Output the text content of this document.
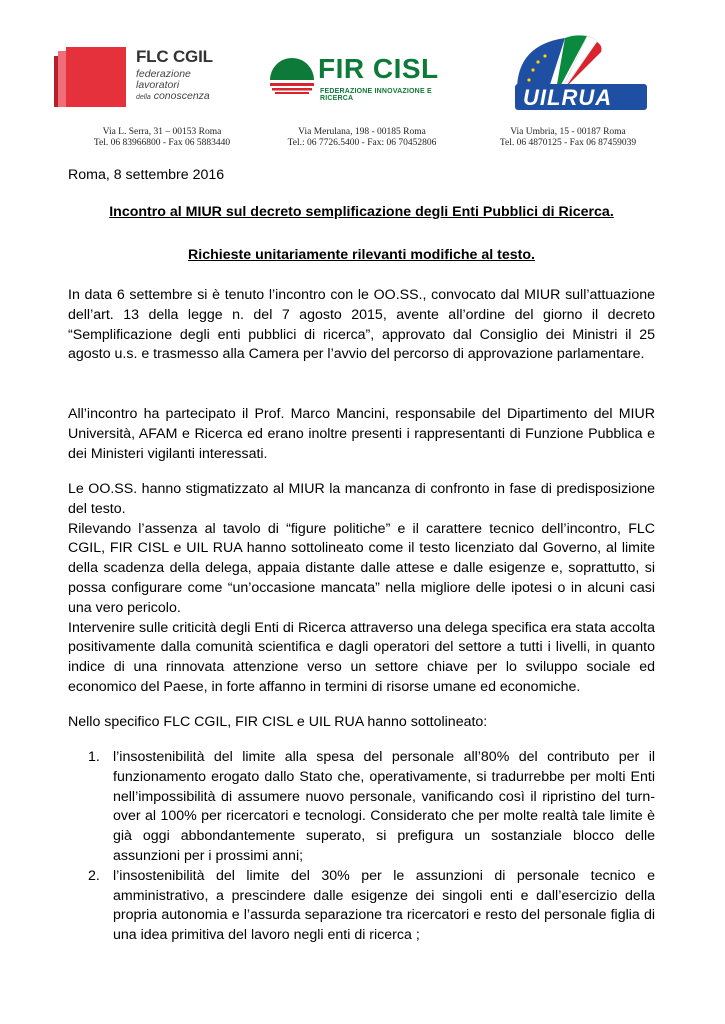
FLC CGIL
federazione
lavoratori
della conoscenza
FIR CISL
FEDERAZIONE INNOVAZIONE E RICERCA	UILRUA
Via L. Serra, 31 – 00153 Roma
Tel. 06 83966800 - Fax 06 5883440
Via Merulana, 198 - 00185 Roma
Tel.: 06 7726.5400 - Fax: 06 70452806
Via Umbria, 15 - 00187 Roma
Tel. 06 4870125 - Fax 06 87459039
Roma, 8 settembre 2016
Incontro al MIUR sul decreto semplificazione degli Enti Pubblici di Ricerca.
Richieste unitariamente rilevanti modifiche al testo.
In data 6 settembre si è tenuto l’incontro con le OO.SS., convocato dal MIUR sull’attuazione dell’art. 13 della legge n. del 7 agosto 2015, avente all’ordine del giorno il decreto “Semplificazione degli enti pubblici di ricerca”, approvato dal Consiglio dei Ministri il 25 agosto u.s. e trasmesso alla Camera per l’avvio del percorso di approvazione parlamentare.
All’incontro ha partecipato il Prof. Marco Mancini, responsabile del Dipartimento del MIUR Università, AFAM e Ricerca ed erano inoltre presenti i rappresentanti di Funzione Pubblica e dei Ministeri vigilanti interessati.
Le OO.SS. hanno stigmatizzato al MIUR la mancanza di confronto in fase di predisposizione del testo.
Rilevando l’assenza al tavolo di “figure politiche” e il carattere tecnico dell’incontro, FLC CGIL, FIR CISL e UIL RUA hanno sottolineato come il testo licenziato dal Governo, al limite della scadenza della delega, appaia distante dalle attese e dalle esigenze e, soprattutto, si possa configurare come “un’occasione mancata” nella migliore delle ipotesi o in alcuni casi una vero pericolo.
Intervenire sulle criticità degli Enti di Ricerca attraverso una delega specifica era stata accolta positivamente dalla comunità scientifica e dagli operatori del settore a tutti i livelli, in quanto indice di una rinnovata attenzione verso un settore chiave per lo sviluppo sociale ed economico del Paese, in forte affanno in termini di risorse umane ed economiche.
Nello specifico FLC CGIL, FIR CISL e UIL RUA hanno sottolineato:
1. l’insostenibilità del limite alla spesa del personale all’80% del contributo per il funzionamento erogato dallo Stato che, operativamente, si tradurrebbe per molti Enti nell’impossibilità di assumere nuovo personale, vanificando così il ripristino del turn-over al 100% per ricercatori e tecnologi. Considerato che per molte realtà tale limite è già oggi abbondantemente superato, si prefigura un sostanziale blocco delle assunzioni per i prossimi anni;
2. l’insostenibilità del limite del 30% per le assunzioni di personale tecnico e amministrativo, a prescindere dalle esigenze dei singoli enti e dall’esercizio della propria autonomia e l’assurda separazione tra ricercatori e resto del personale figlia di una idea primitiva del lavoro negli enti di ricerca ;
